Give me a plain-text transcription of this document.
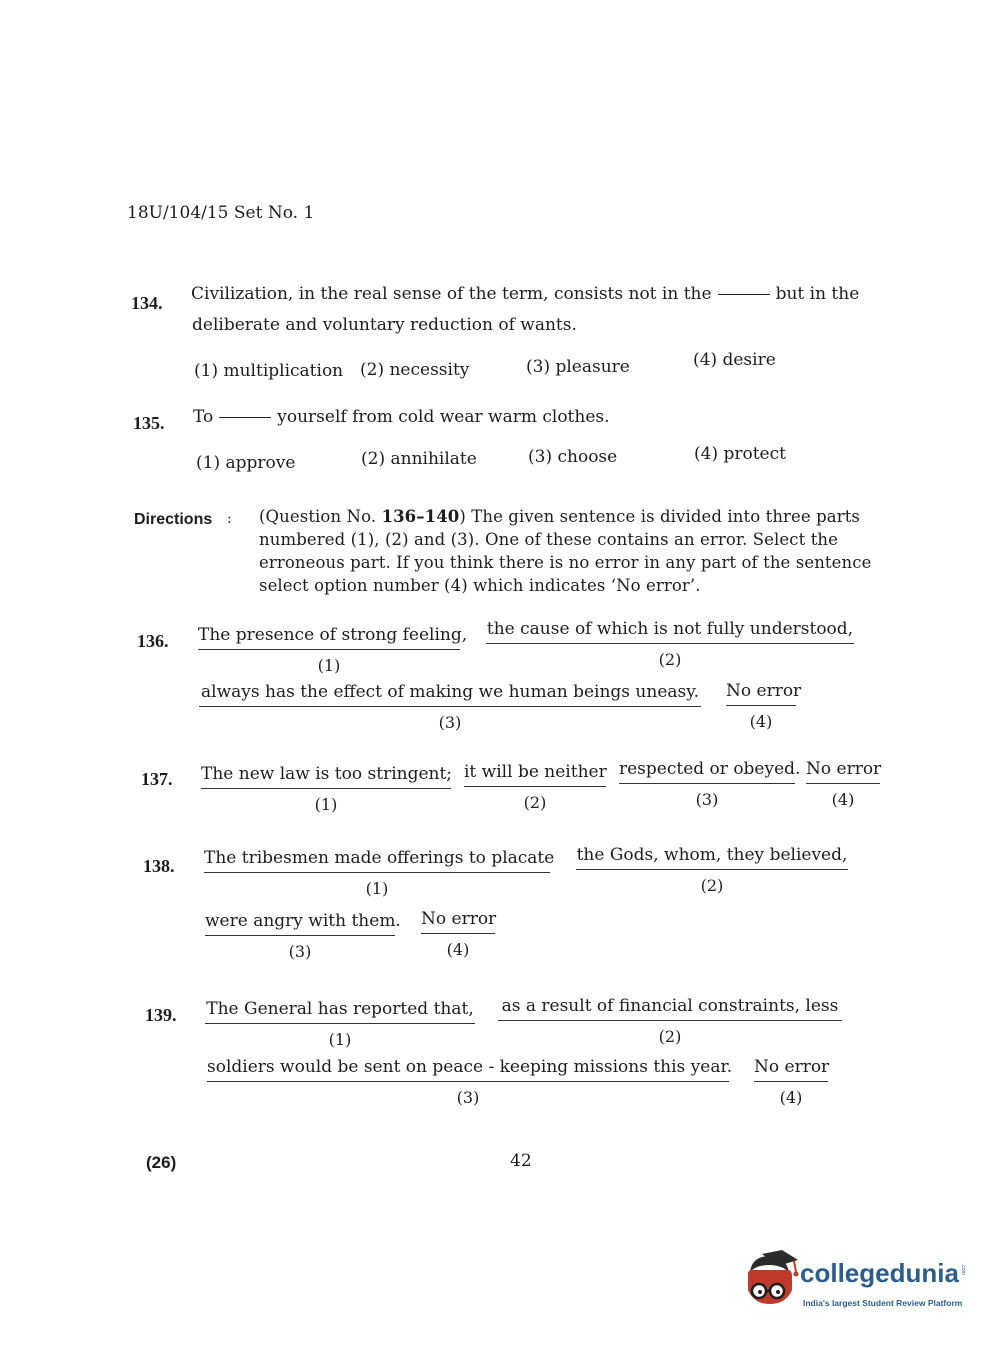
18U/104/15 Set No. 1
134. Civilization, in the real sense of the term, consists not in the	but in the
deliberate and voluntary reduction of wants.
(1) multiplication (2) necessity	(3) pleasure	(4) desire
135. To	yourself from cold wear warm clothes.
(1) approve	(2) annihilate	(3) choose	(4) protect
Directions : (Question No. 136–140) The given sentence is divided into three parts numbered (1), (2) and (3). One of these contains an error. Select the erroneous part. If you think there is no error in any part of the sentence select option number (4) which indicates ‘No error’.
136. The presence of strong feeling,
(1)
the cause of which is not fully understood,
(2)
always has the effect of making we human beings uneasy.
(3)
No error
(4)
137. The new law is too stringent;
(1)
it will be neither
(2)
respected or obeyed.
(3)
No error
(4)
138. The tribesmen made offerings to placate
(1)
the Gods, whom, they believed,
(2)
were angry with them.
(3)
No error
(4)
139. The General has reported that,
(1)
as a result of financial constraints, less
(2)
soldiers would be sent on peace - keeping missions this year.
(3)
No error
(4)
(26)	42
collegedunia .com
India's largest Student Review Platform
